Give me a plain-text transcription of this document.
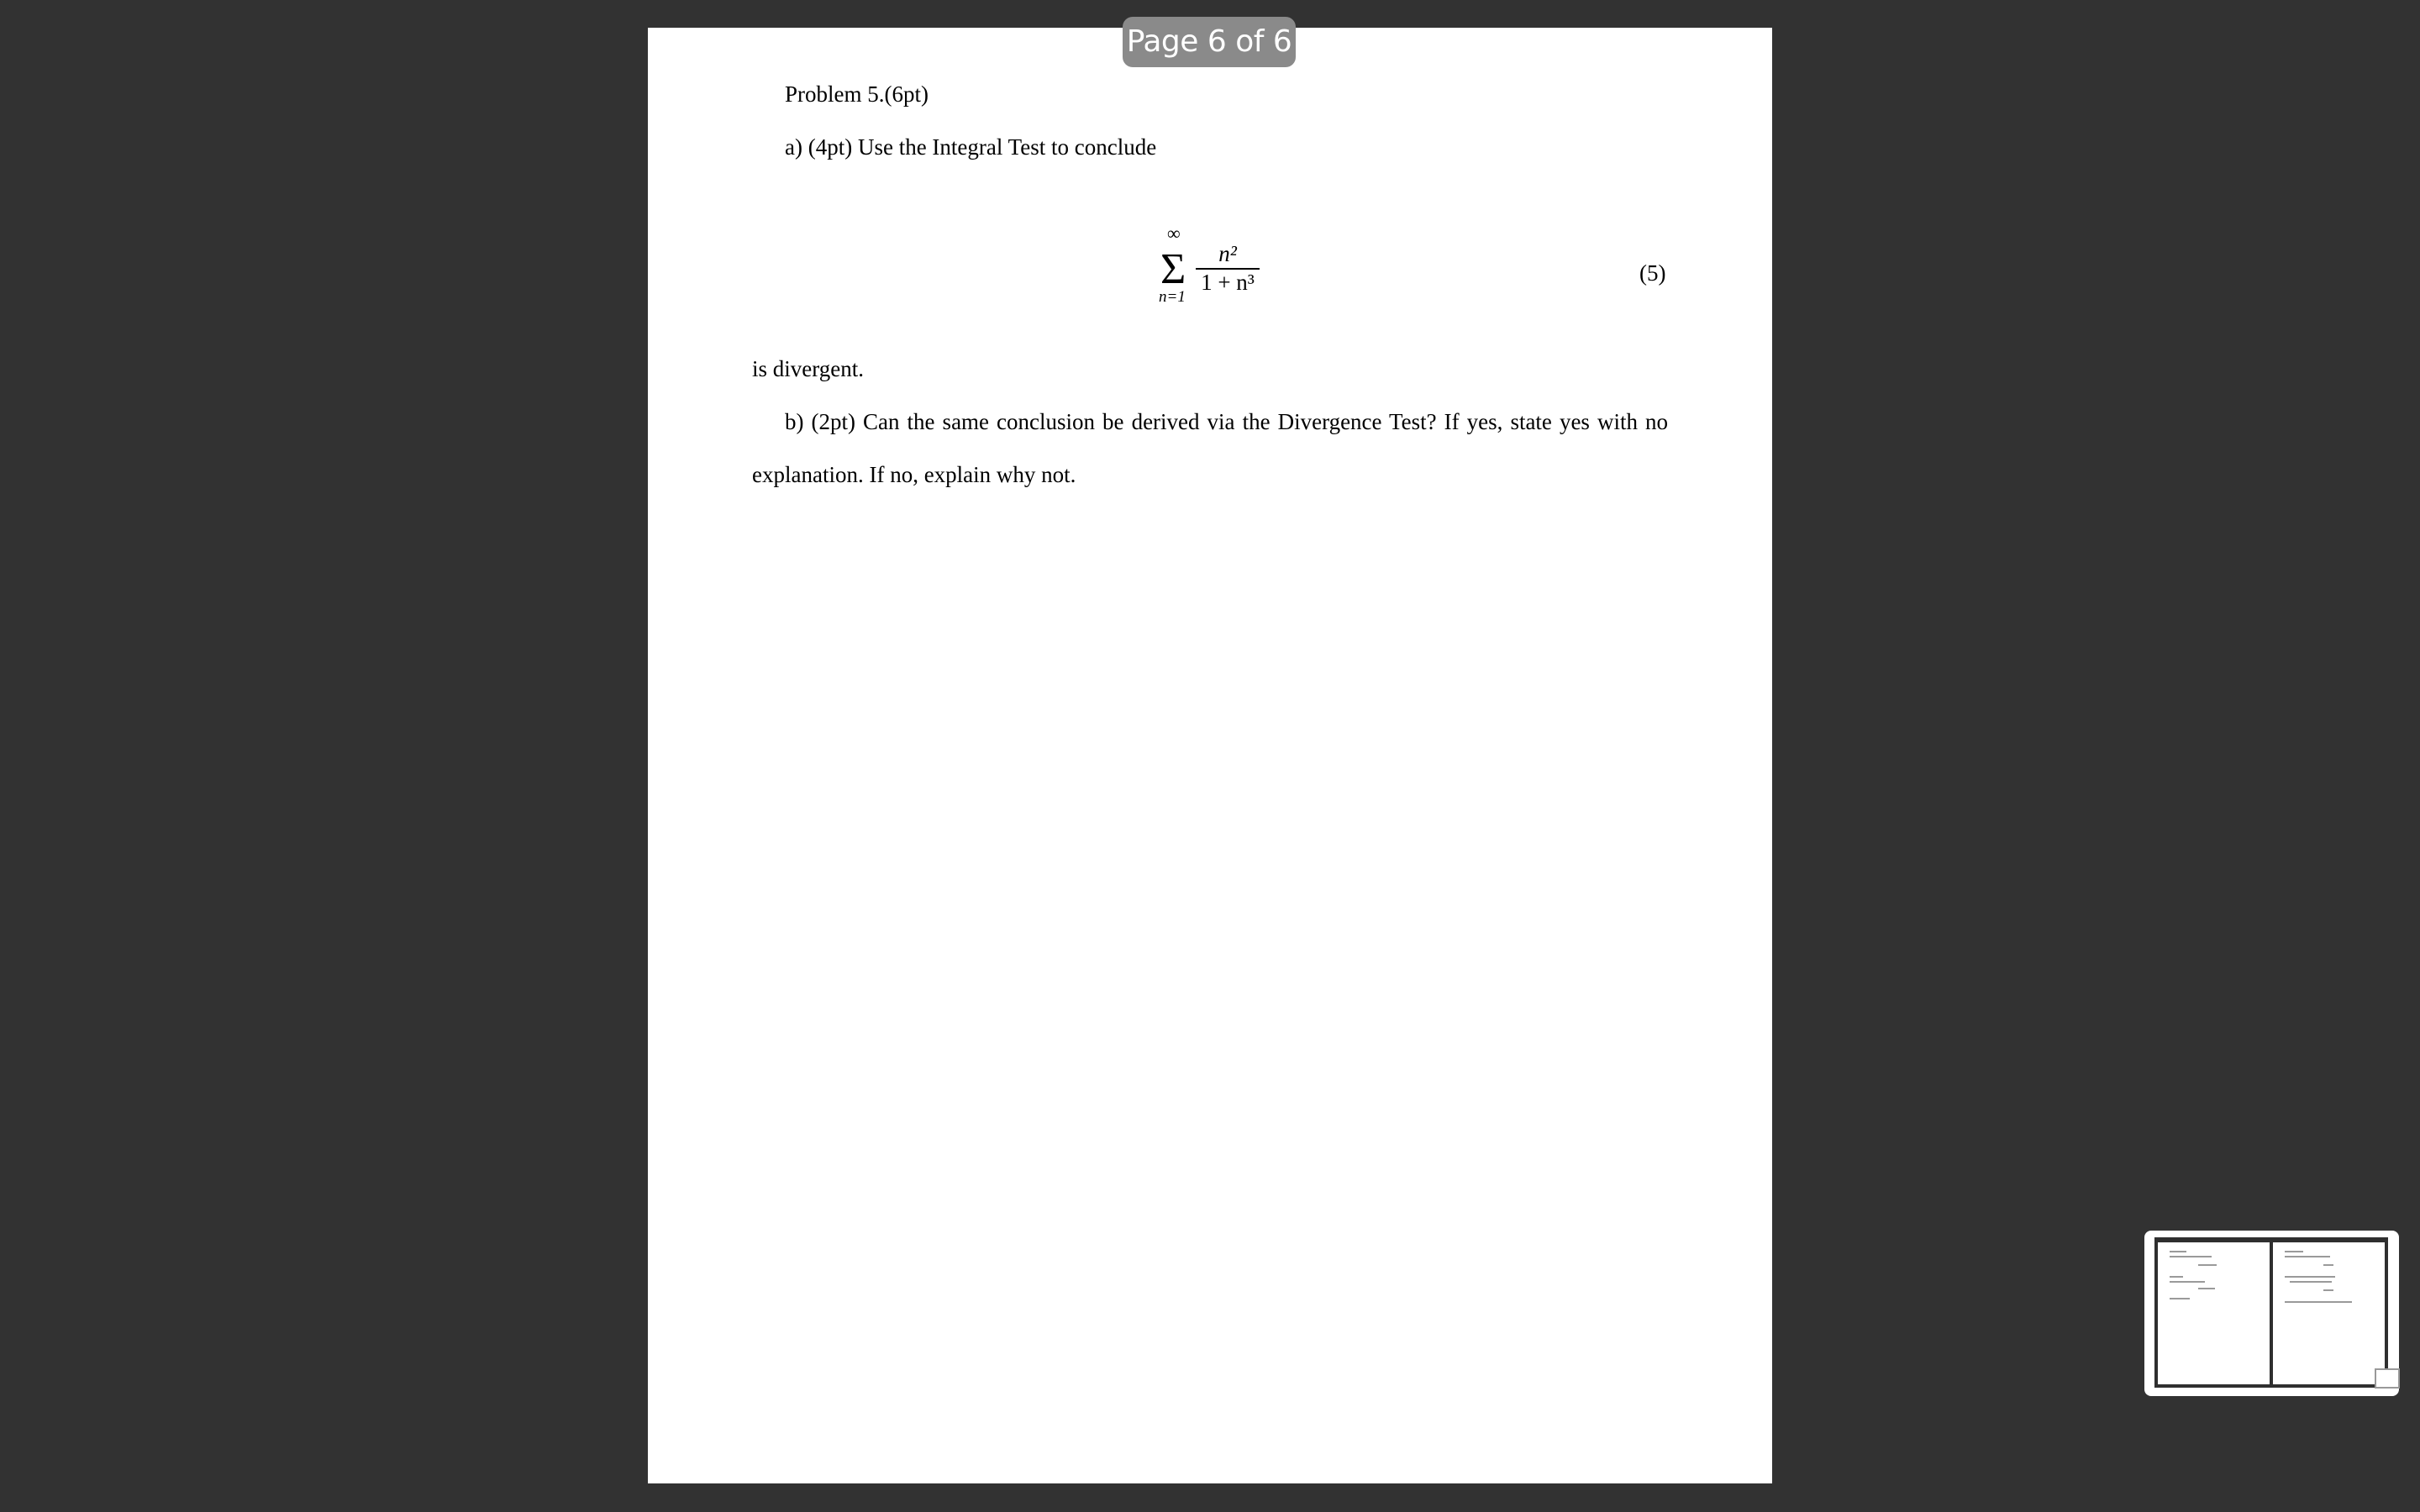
Problem 5.(6pt)
a) (4pt) Use the Integral Test to conclude
∞
Σ
n=1
n²
1 + n³	(5)
is divergent.
b) (2pt) Can the same conclusion be derived via the Divergence Test? If yes, state yes with no
explanation. If no, explain why not.
Page 6 of 6
